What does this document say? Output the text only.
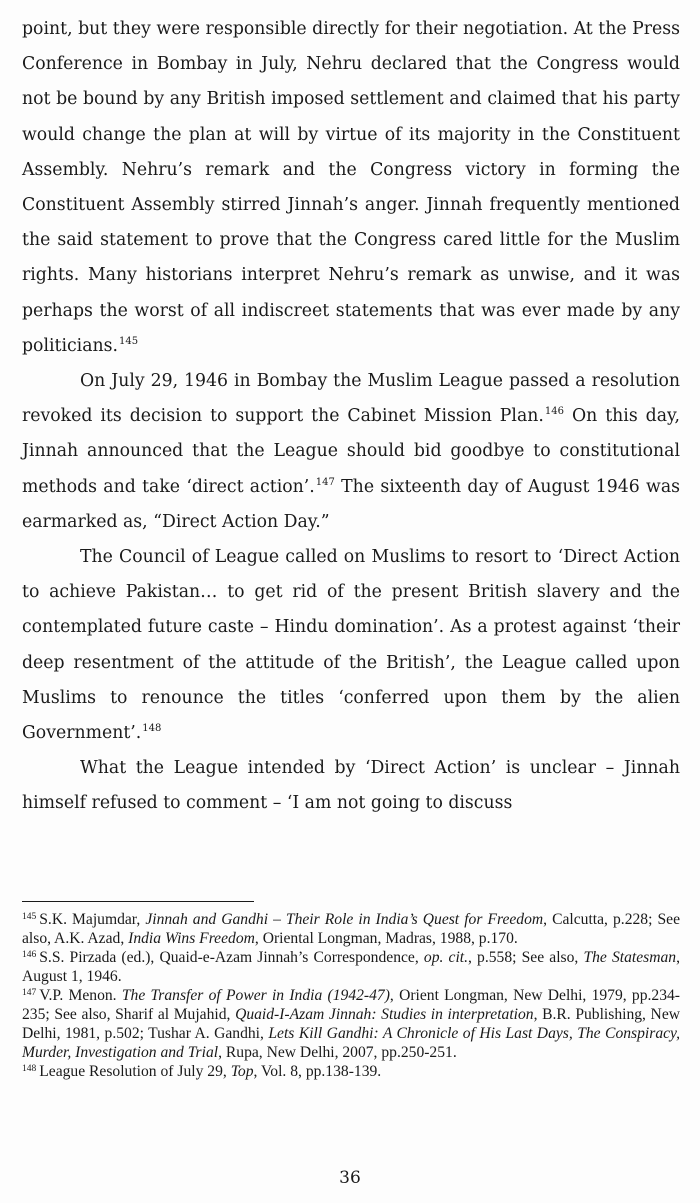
point, but they were responsible directly for their negotiation. At the Press Conference in Bombay in July, Nehru declared that the Congress would not be bound by any British imposed settlement and claimed that his party would change the plan at will by virtue of its majority in the Constituent Assembly. Nehru’s remark and the Congress victory in forming the Constituent Assembly stirred Jinnah’s anger. Jinnah frequently mentioned the said statement to prove that the Congress cared little for the Muslim rights. Many historians interpret Nehru’s remark as unwise, and it was perhaps the worst of all indiscreet statements that was ever made by any politicians.$^{145}$

On July 29, 1946 in Bombay the Muslim League passed a resolution revoked its decision to support the Cabinet Mission Plan.$^{146}$ On this day, Jinnah announced that the League should bid goodbye to constitutional methods and take ‘direct action’.$^{147}$ The sixteenth day of August 1946 was earmarked as, “Direct Action Day.”

The Council of League called on Muslims to resort to ‘Direct Action to achieve Pakistan… to get rid of the present British slavery and the contemplated future caste – Hindu domination’. As a protest against ‘their deep resentment of the attitude of the British’, the League called upon Muslims to renounce the titles ‘conferred upon them by the alien Government’.$^{148}$

What the League intended by ‘Direct Action’ is unclear – Jinnah himself refused to comment – ‘I am not going to discuss

$^{145}$ S.K. Majumdar, Jinnah and Gandhi – Their Role in India’s Quest for Freedom, Calcutta, p.228; See also, A.K. Azad, India Wins Freedom, Oriental Longman, Madras, 1988, p.170.

$^{146}$ S.S. Pirzada (ed.), Quaid-e-Azam Jinnah’s Correspondence, op. cit., p.558; See also, The Statesman, August 1, 1946.

$^{147}$ V.P. Menon. The Transfer of Power in India (1942-47), Orient Longman, New Delhi, 1979, pp.234-235; See also, Sharif al Mujahid, Quaid-I-Azam Jinnah: Studies in interpretation, B.R. Publishing, New Delhi, 1981, p.502; Tushar A. Gandhi, Lets Kill Gandhi: A Chronicle of His Last Days, The Conspiracy, Murder, Investigation and Trial, Rupa, New Delhi, 2007, pp.250-251.

$^{148}$ League Resolution of July 29, Top, Vol. 8, pp.138-139.

36
